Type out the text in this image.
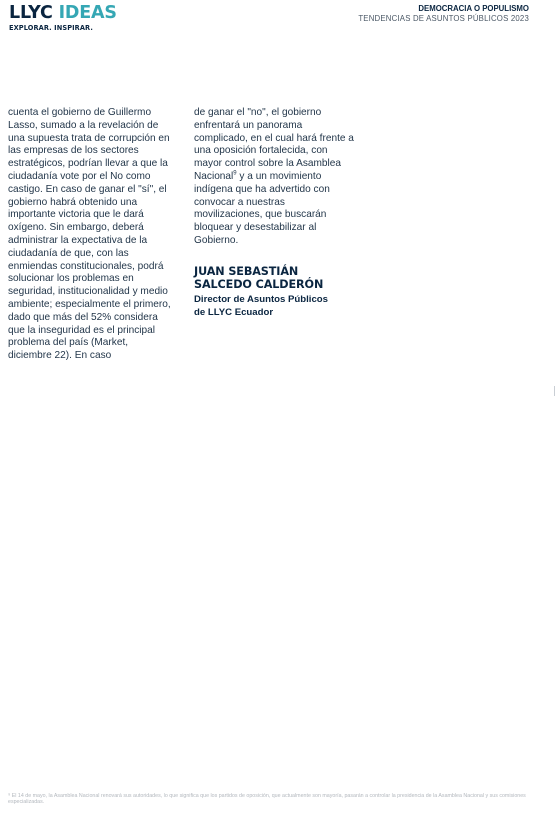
LLYC IDEAS
EXPLORAR. INSPIRAR.
DEMOCRACIA O POPULISMO
TENDENCIAS DE ASUNTOS PÚBLICOS 2023

cuenta el gobierno de Guillermo Lasso, sumado a la revelación de una supuesta trata de corrupción en las empresas de los sectores estratégicos, podrían llevar a que la ciudadanía vote por el No como castigo. En caso de ganar el "sí", el gobierno habrá obtenido una importante victoria que le dará oxígeno. Sin embargo, deberá administrar la expectativa de la ciudadanía de que, con las enmiendas constitucionales, podrá solucionar los problemas en seguridad, institucionalidad y medio ambiente; especialmente el primero, dado que más del 52% considera que la inseguridad es el principal problema del país (Market, diciembre 22). En caso

de ganar el "no", el gobierno enfrentará un panorama complicado, en el cual hará frente a una oposición fortalecida, con mayor control sobre la Asamblea Nacional$^9$ y a un movimiento indígena que ha advertido con convocar a nuestras movilizaciones, que buscarán bloquear y desestabilizar al Gobierno.

JUAN SEBASTIÁN
SALCEDO CALDERÓN
Director de Asuntos Públicos
de LLYC Ecuador
⁹ El 14 de mayo, la Asamblea Nacional renovará sus autoridades, lo que significa que los partidos de oposición, que actualmente son mayoría, pasarán a controlar la presidencia de la Asamblea Nacional y sus comisiones especializadas.
